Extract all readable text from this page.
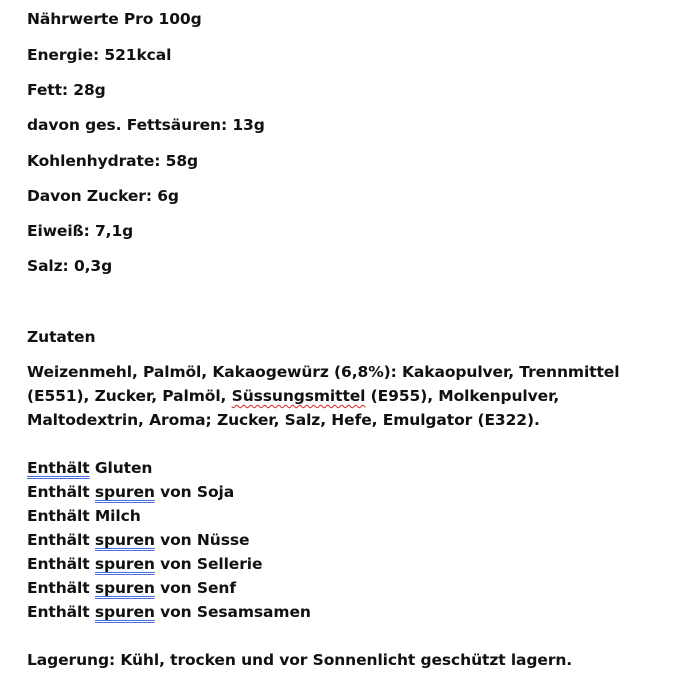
Nährwerte Pro 100g
Energie: 521kcal
Fett: 28g
davon ges. Fettsäuren: 13g
Kohlenhydrate: 58g
Davon Zucker: 6g
Eiweiß: 7,1g
Salz: 0,3g
Zutaten
Weizenmehl, Palmöl, Kakaogewürz (6,8%): Kakaopulver, Trennmittel (E551), Zucker, Palmöl, Süssungsmittel (E955), Molkenpulver, Maltodextrin, Aroma; Zucker, Salz, Hefe, Emulgator (E322).
Enthält Gluten
Enthält spuren von Soja
Enthält Milch
Enthält spuren von Nüsse
Enthält spuren von Sellerie
Enthält spuren von Senf
Enthält spuren von Sesamsamen
Lagerung: Kühl, trocken und vor Sonnenlicht geschützt lagern.
